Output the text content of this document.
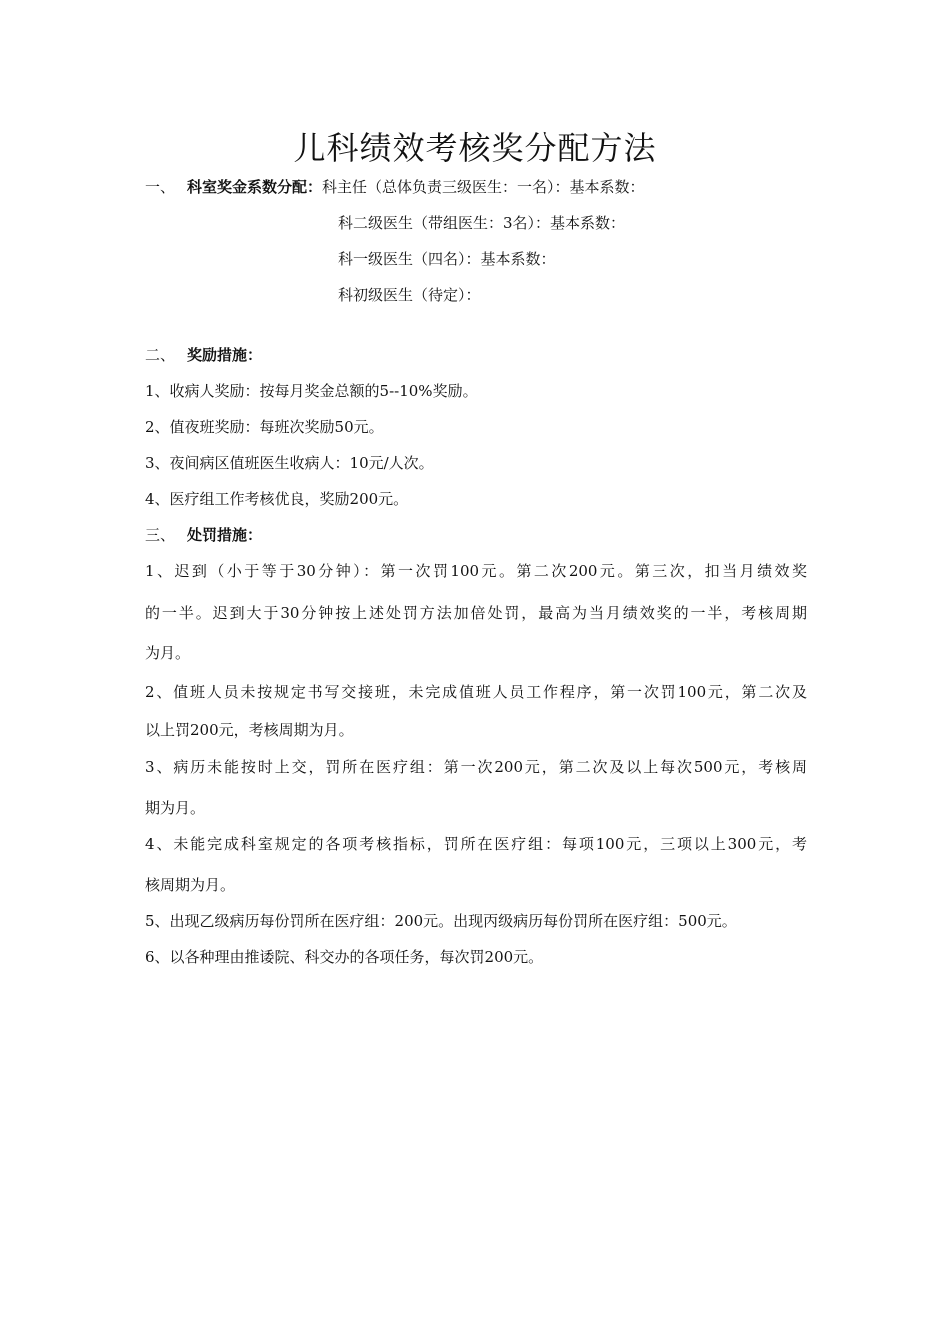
儿科绩效考核奖分配方法
一、 科室奖金系数分配：科主任（总体负责三级医生：一名）：基本系数：
科二级医生（带组医生：3名）：基本系数：
科一级医生（四名）：基本系数：
科初级医生（待定）：
二、 奖励措施：
1、收病人奖励：按每月奖金总额的5--10%奖励。
2、值夜班奖励：每班次奖励50元。
3、夜间病区值班医生收病人：10元/人次。
4、医疗组工作考核优良，奖励200元。
三、 处罚措施：
1、迟到（小于等于30分钟）：第一次罚100元。第二次200元。第三次，扣当月绩效奖
的一半。迟到大于30分钟按上述处罚方法加倍处罚，最高为当月绩效奖的一半，考核周期
为月。
2、值班人员未按规定书写交接班，未完成值班人员工作程序，第一次罚100元，第二次及
以上罚200元，考核周期为月。
3、病历未能按时上交，罚所在医疗组：第一次200元，第二次及以上每次500元，考核周
期为月。
4、未能完成科室规定的各项考核指标，罚所在医疗组：每项100元，三项以上300元，考
核周期为月。
5、出现乙级病历每份罚所在医疗组：200元。出现丙级病历每份罚所在医疗组：500元。
6、以各种理由推诿院、科交办的各项任务，每次罚200元。
